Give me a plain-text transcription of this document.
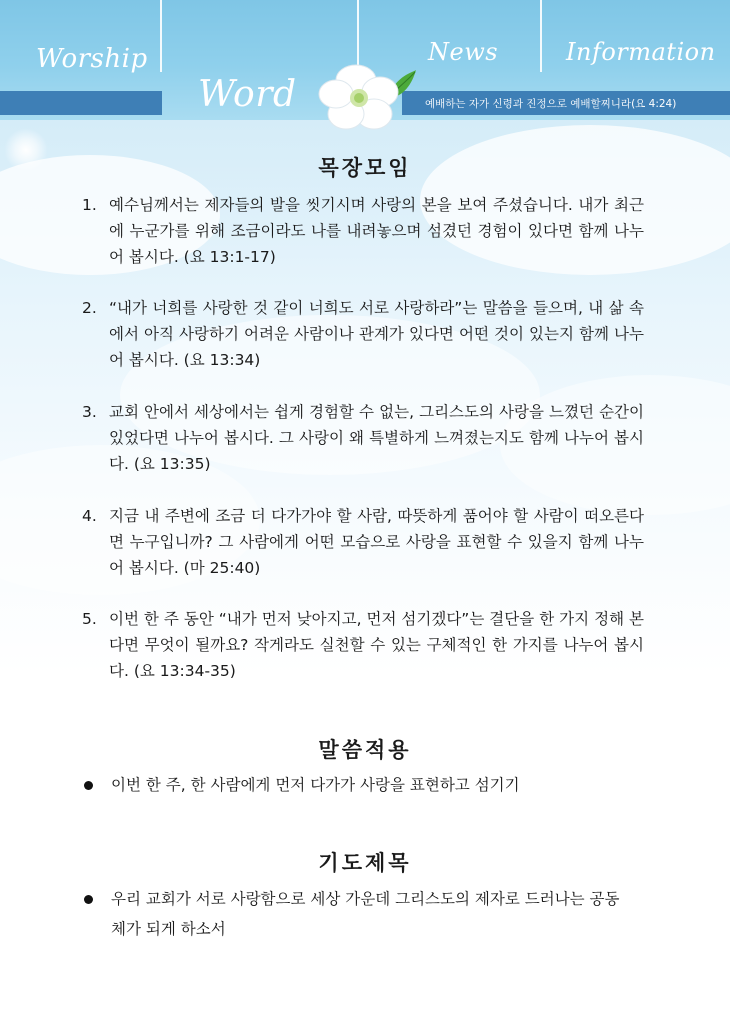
Worship
Word
News	Information
예배하는 자가 신령과 진정으로 예배할찌니라(요 4:24)
목장모임
1. 예수님께서는 제자들의 발을 씻기시며 사랑의 본을 보여 주셨습니다. 내가 최근에 누군가를 위해 조금이라도 나를 내려놓으며 섬겼던 경험이 있다면 함께 나누어 봅시다. (요 13:1-17)
2. “내가 너희를 사랑한 것 같이 너희도 서로 사랑하라”는 말씀을 들으며, 내 삶 속에서 아직 사랑하기 어려운 사람이나 관계가 있다면 어떤 것이 있는지 함께 나누어 봅시다. (요 13:34)
3. 교회 안에서 세상에서는 쉽게 경험할 수 없는, 그리스도의 사랑을 느꼈던 순간이 있었다면 나누어 봅시다. 그 사랑이 왜 특별하게 느껴졌는지도 함께 나누어 봅시다. (요 13:35)
4. 지금 내 주변에 조금 더 다가가야 할 사람, 따뜻하게 품어야 할 사람이 떠오른다면 누구입니까? 그 사람에게 어떤 모습으로 사랑을 표현할 수 있을지 함께 나누어 봅시다. (마 25:40)
5. 이번 한 주 동안 “내가 먼저 낮아지고, 먼저 섬기겠다”는 결단을 한 가지 정해 본다면 무엇이 될까요? 작게라도 실천할 수 있는 구체적인 한 가지를 나누어 봅시다. (요 13:34-35)
말씀적용
이번 한 주, 한 사람에게 먼저 다가가 사랑을 표현하고 섬기기
기도제목
우리 교회가 서로 사랑함으로 세상 가운데 그리스도의 제자로 드러나는 공동체가 되게 하소서
